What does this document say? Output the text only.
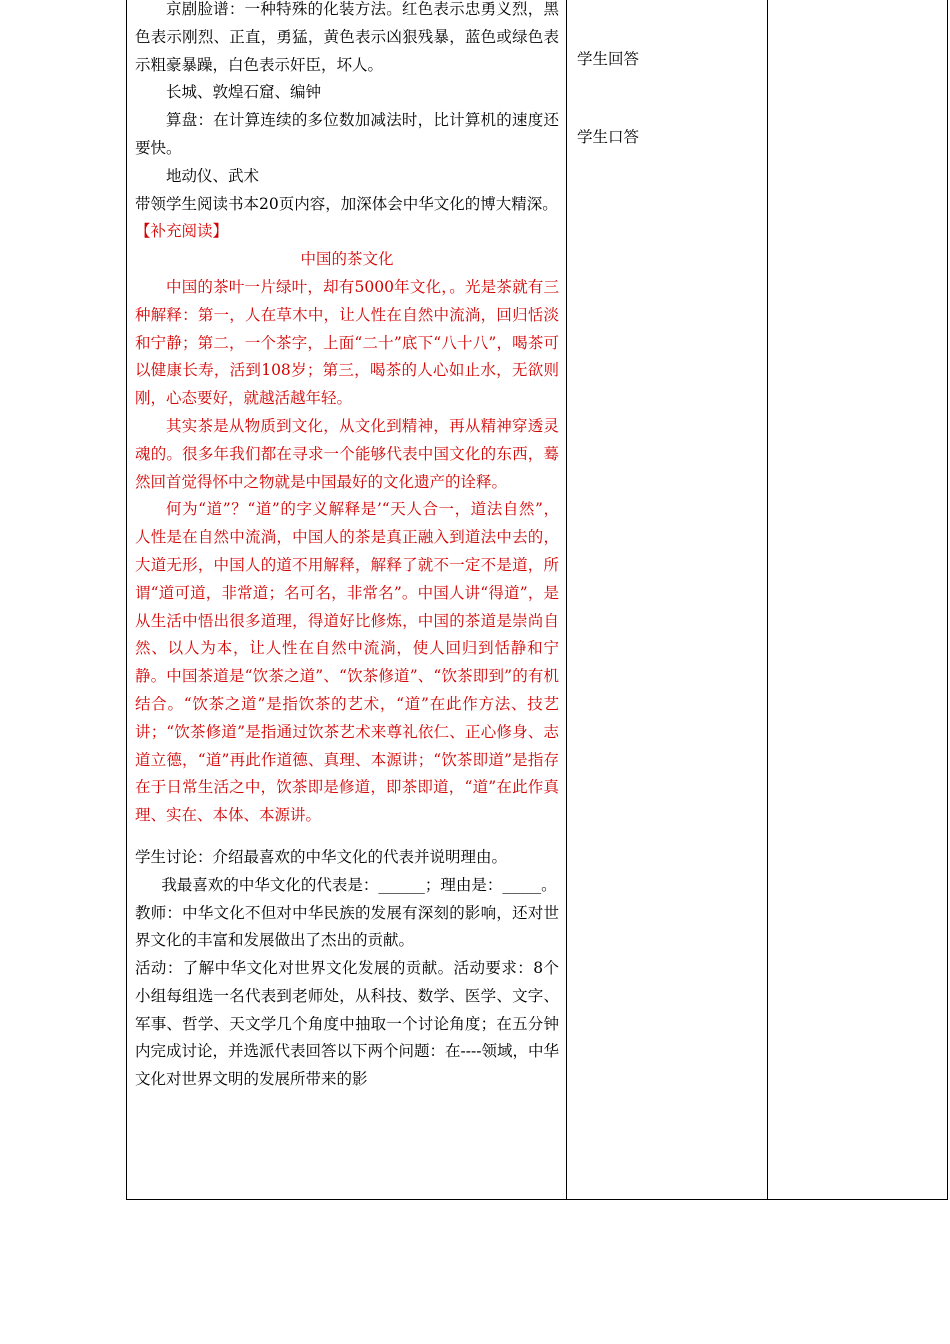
京剧脸谱：一种特殊的化装方法。红色表示忠勇义烈，黑色表示刚烈、正直，勇猛，黄色表示凶狠残暴，蓝色或绿色表示粗豪暴躁，白色表示奸臣，坏人。

长城、敦煌石窟、编钟

算盘：在计算连续的多位数加减法时，比计算机的速度还要快。

地动仪、武术

带领学生阅读书本20页内容，加深体会中华文化的博大精深。

【补充阅读】

中国的茶文化

中国的茶叶一片绿叶，却有5000年文化，。光是茶就有三种解释：第一，人在草木中，让人性在自然中流淌，回归恬淡和宁静；第二，一个茶字，上面“二十”底下“八十八”，喝茶可以健康长寿，活到108岁；第三，喝茶的人心如止水，无欲则刚，心态要好，就越活越年轻。

其实茶是从物质到文化，从文化到精神，再从精神穿透灵魂的。很多年我们都在寻求一个能够代表中国文化的东西，蓦然回首觉得怀中之物就是中国最好的文化遗产的诠释。

何为“道”？“道”的字义解释是’“天人合一，道法自然”，人性是在自然中流淌，中国人的茶是真正融入到道法中去的，大道无形，中国人的道不用解释，解释了就不一定不是道，所谓“道可道，非常道；名可名，非常名”。中国人讲“得道”，是从生活中悟出很多道理，得道好比修炼，中国的茶道是崇尚自然、以人为本，让人性在自然中流淌，使人回归到恬静和宁静。中国茶道是“饮茶之道”、“饮茶修道”、“饮茶即到”的有机结合。“饮茶之道”是指饮茶的艺术，“道”在此作方法、技艺讲；“饮茶修道”是指通过饮茶艺术来尊礼依仁、正心修身、志道立德，“道”再此作道德、真理、本源讲；“饮茶即道”是指存在于日常生活之中，饮茶即是修道，即茶即道，“道”在此作真理、实在、本体、本源讲。

学生讨论：介绍最喜欢的中华文化的代表并说明理由。

我最喜欢的中华文化的代表是：______；理由是：_____。

教师：中华文化不但对中华民族的发展有深刻的影响，还对世界文化的丰富和发展做出了杰出的贡献。

活动：了解中华文化对世界文化发展的贡献。活动要求：8个小组每组选一名代表到老师处，从科技、数学、医学、文字、军事、哲学、天文学几个角度中抽取一个讨论角度；在五分钟内完成讨论，并选派代表回答以下两个问题：在----领域，中华文化对世界文明的发展所带来的影

学生回答
学生口答
